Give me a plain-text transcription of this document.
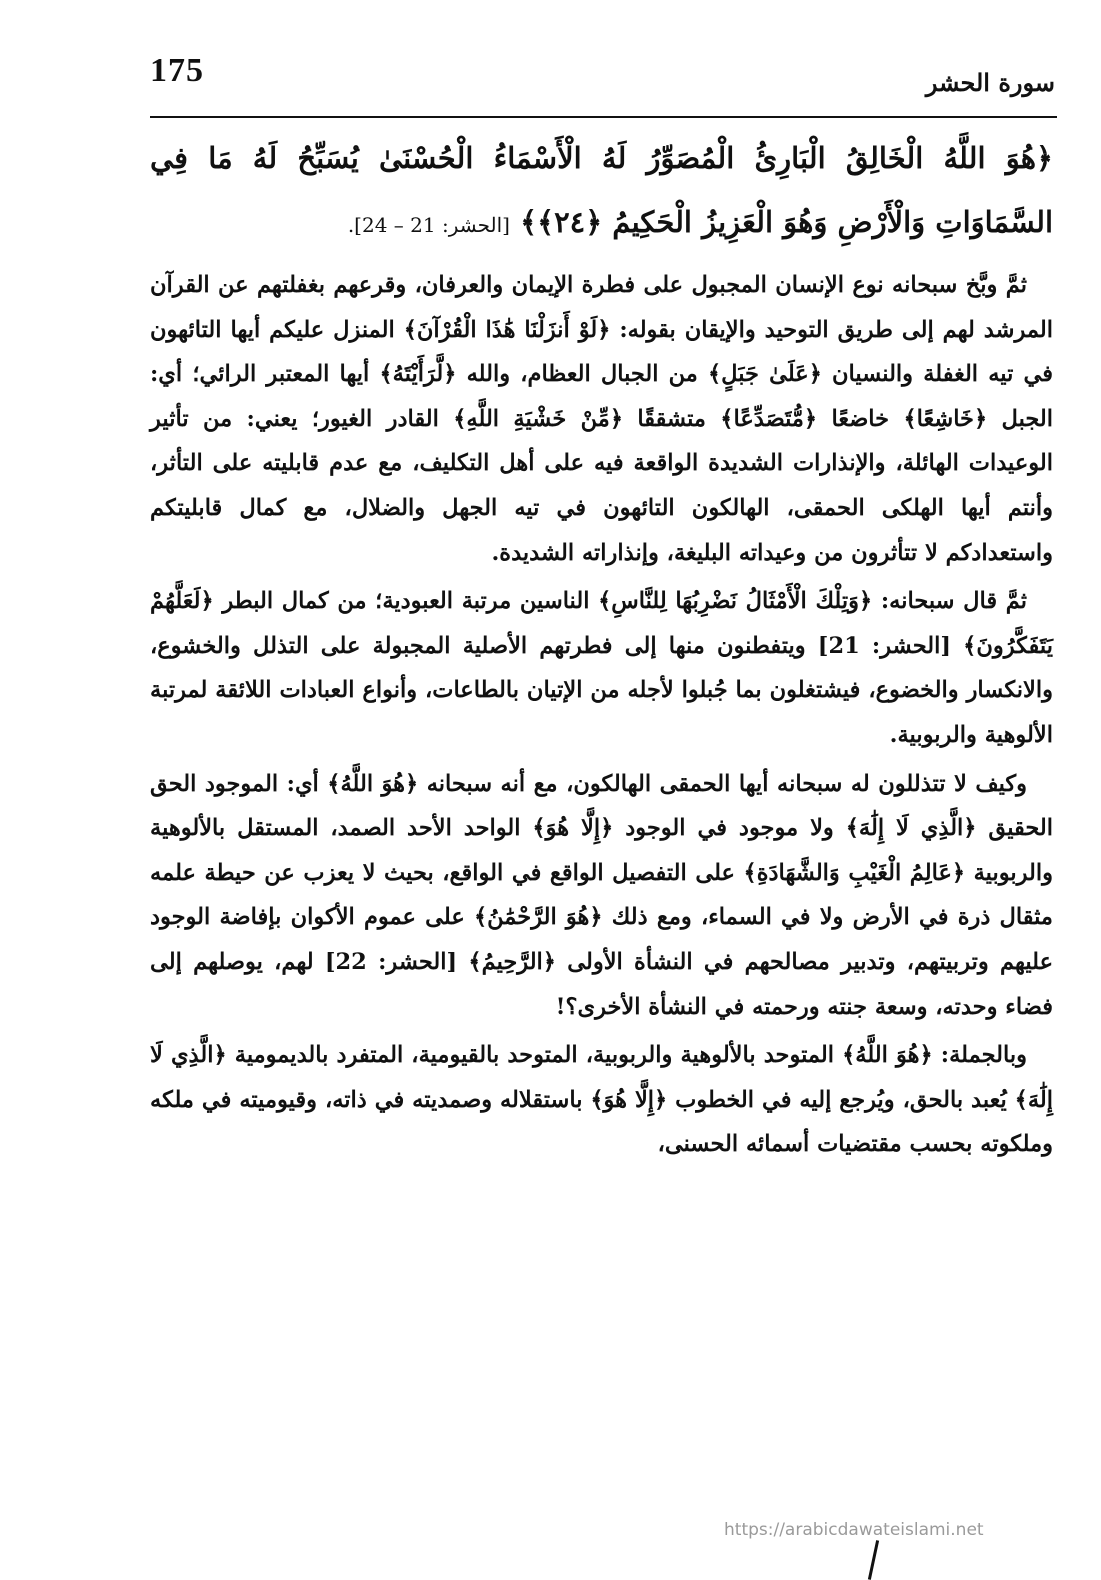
175	سورة الحشر
﴿هُوَ اللَّهُ الْخَالِقُ الْبَارِئُ الْمُصَوِّرُ لَهُ الْأَسْمَاءُ الْحُسْنَىٰ يُسَبِّحُ لَهُ مَا فِي السَّمَاوَاتِ وَالْأَرْضِ وَهُوَ الْعَزِيزُ الْحَكِيمُ ﴿٢٤﴾﴾ [الحشر: 21 – 24].

ثمَّ وبَّخ سبحانه نوع الإنسان المجبول على فطرة الإيمان والعرفان، وقرعهم بغفلتهم عن القرآن المرشد لهم إلى طريق التوحيد والإيقان بقوله: ﴿لَوْ أَنزَلْنَا هَٰذَا الْقُرْآنَ﴾ المنزل عليكم أيها التائهون في تيه الغفلة والنسيان ﴿عَلَىٰ جَبَلٍ﴾ من الجبال العظام، والله ﴿لَّرَأَيْتَهُ﴾ أيها المعتبر الرائي؛ أي: الجبل ﴿خَاشِعًا﴾ خاضعًا ﴿مُّتَصَدِّعًا﴾ متشققًا ﴿مِّنْ خَشْيَةِ اللَّهِ﴾ القادر الغيور؛ يعني: من تأثير الوعيدات الهائلة، والإنذارات الشديدة الواقعة فيه على أهل التكليف، مع عدم قابليته على التأثر، وأنتم أيها الهلكى الحمقى، الهالكون التائهون في تيه الجهل والضلال، مع كمال قابليتكم واستعدادكم لا تتأثرون من وعيداته البليغة، وإنذاراته الشديدة.

ثمَّ قال سبحانه: ﴿وَتِلْكَ الْأَمْثَالُ نَضْرِبُهَا لِلنَّاسِ﴾ الناسين مرتبة العبودية؛ من كمال البطر ﴿لَعَلَّهُمْ يَتَفَكَّرُونَ﴾ [الحشر: 21] ويتفطنون منها إلى فطرتهم الأصلية المجبولة على التذلل والخشوع، والانكسار والخضوع، فيشتغلون بما جُبلوا لأجله من الإتيان بالطاعات، وأنواع العبادات اللائقة لمرتبة الألوهية والربوبية.

وكيف لا تتذللون له سبحانه أيها الحمقى الهالكون، مع أنه سبحانه ﴿هُوَ اللَّهُ﴾ أي: الموجود الحق الحقيق ﴿الَّذِي لَا إِلَٰهَ﴾ ولا موجود في الوجود ﴿إِلَّا هُوَ﴾ الواحد الأحد الصمد، المستقل بالألوهية والربوبية ﴿عَالِمُ الْغَيْبِ وَالشَّهَادَةِ﴾ على التفصيل الواقع في الواقع، بحيث لا يعزب عن حيطة علمه مثقال ذرة في الأرض ولا في السماء، ومع ذلك ﴿هُوَ الرَّحْمَٰنُ﴾ على عموم الأكوان بإفاضة الوجود عليهم وتربيتهم، وتدبير مصالحهم في النشأة الأولى ﴿الرَّحِيمُ﴾ [الحشر: 22] لهم، يوصلهم إلى فضاء وحدته، وسعة جنته ورحمته في النشأة الأخرى؟!

وبالجملة: ﴿هُوَ اللَّهُ﴾ المتوحد بالألوهية والربوبية، المتوحد بالقيومية، المتفرد بالديمومية ﴿الَّذِي لَا إِلَٰهَ﴾ يُعبد بالحق، ويُرجع إليه في الخطوب ﴿إِلَّا هُوَ﴾ باستقلاله وصمديته في ذاته، وقيوميته في ملكه وملكوته بحسب مقتضيات أسمائه الحسنى،

https://arabicdawateislami.net
